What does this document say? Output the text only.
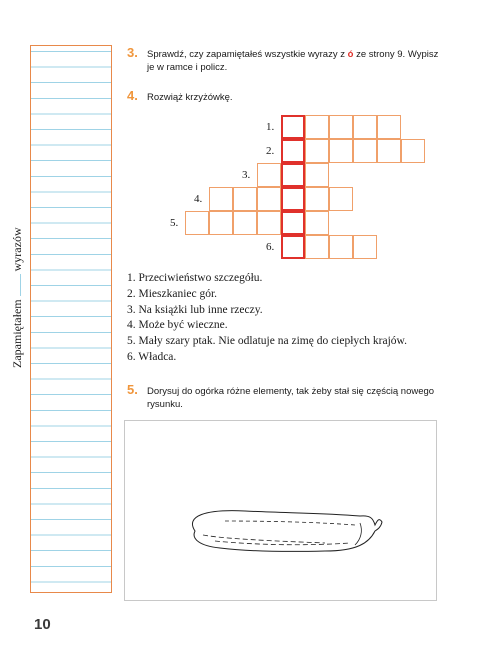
Zapamiętałemwyrazów
3. Sprawdź, czy zapamiętałeś wszystkie wyrazy z ó ze strony 9. Wypisz je w ramce i policz.
4. Rozwiąż krzyżówkę.
1.
2.
3.
4.
5.
6.
1. Przeciwieństwo szczegółu.
2. Mieszkaniec gór.
3. Na książki lub inne rzeczy.
4. Może być wieczne.
5. Mały szary ptak. Nie odlatuje na zimę do ciepłych krajów.
6. Władca.
5. Dorysuj do ogórka różne elementy, tak żeby stał się częścią nowego rysunku.
10
